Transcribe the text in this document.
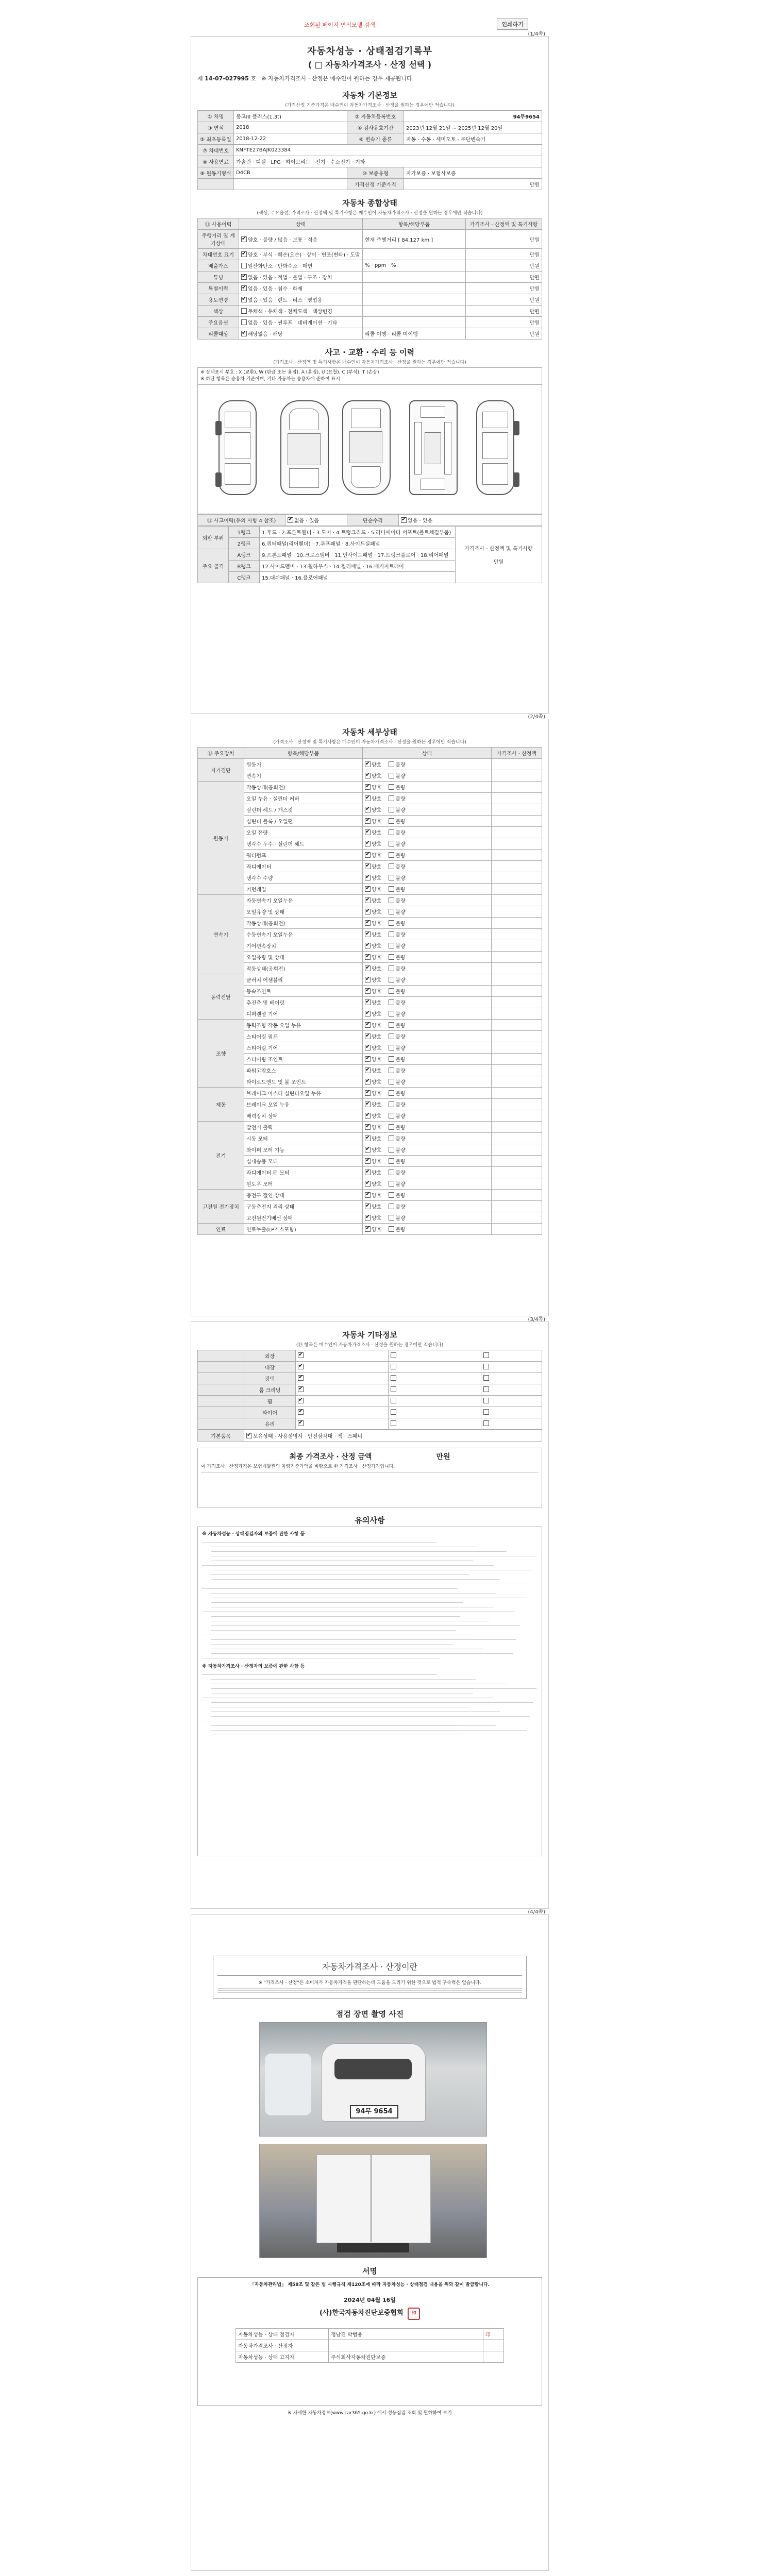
조회된 페이지 연식모델 검색	인쇄하기
(1/4쪽)
자동차성능 · 상태점검기록부
( □ 자동차가격조사 · 산정 선택 )
제 14-07-027995 호 ※ 자동차가격조사 · 산정은 매수인이 원하는 경우 제공됩니다.
자동차 기본정보
(가격산정 기준가격은 매수인이 자동차가격조사 · 산정을 원하는 경우에만 적습니다)
① 차명	봉고III 플러스(1.3t)	② 자동차등록번호	94무9654
③ 연식	2018	④ 검사유효기간	2023년 12월 21일 ~ 2025년 12월 20일
⑤ 최초등록일	2018-12-22	⑥ 변속기 종류	자동 · 수동 · 세미오토 · 무단변속기
⑦ 차대번호	KNFTE27BAJK023384		
⑧ 사용연료	가솔린 · 디젤 · LPG · 하이브리드 · 전기 · 수소전기 · 기타		
⑨ 원동기형식	D4CB	⑩ 보증유형	자가보증 · 보험사보증
		가격산정 기준가격	만원
자동차 종합상태
(색상, 주요옵션, 가격조사 · 산정액 및 특기사항은 매수인이 자동차가격조사 · 산정을 원하는 경우에만 적습니다)
⑪ 사용이력	상태	항목/해당부품	가격조사 · 산정액 및 특기사항
주행거리 및 계기상태	✔양호 · 불량 / 많음 · 보통 · 적음	현재 주행거리 [ 84,127 km ]	만원
차대번호 표기	✔양호 · 부식 · 훼손(오손) · 상이 · 변조(변타) · 도말		만원
배출가스	일산화탄소 · 탄화수소 · 매연	% · ppm · %	만원
튜닝	✔없음 · 있음 · 적법 · 불법 · 구조 · 장치		만원
특별이력	✔없음 · 있음 · 침수 · 화재		만원
용도변경	✔없음 · 있음 · 렌트 · 리스 · 영업용		만원
색상	무채색 · 유채색 · 전체도색 · 색상변경		만원
주요옵션	없음 · 있음 · 썬루프 · 네비게이션 · 기타		만원
리콜대상	✔해당없음 · 해당	리콜 이행 · 리콜 미이행	만원
사고 · 교환 · 수리 등 이력
(가격조사 · 산정액 및 특기사항은 매수인이 자동차가격조사 · 산정을 원하는 경우에만 적습니다)
※ 상태표시 부호 : X (교환), W (판금 또는 용접), A (흠집), U (요철), C (부식), T (손상)
※ 하단 항목은 승용차 기준이며, 기타 자동차는 승용차에 준하여 표시
⑫ 사고이력(유의 사항 4 참조)	✔없음 · 있음	단순수리	✔없음 · 있음
외판 부위	1랭크	1.후드 · 2.프론트휀더 · 3.도어 · 4.트렁크리드 · 5.라디에이터 서포트(볼트체결부품)	가격조사 · 산정액 및 특기사항

만원
	2랭크	6.쿼터패널(리어휀더) · 7.루프패널 · 8.사이드실패널	
주요 골격	A랭크	9.프론트패널 · 10.크로스멤버 · 11.인사이드패널 · 17.트렁크플로어 · 18.리어패널	
	B랭크	12.사이드멤버 · 13.휠하우스 · 14.필러패널 · 16.패키지트레이	
	C랭크	15.대쉬패널 · 16.플로어패널	
(2/4쪽)
자동차 세부상태
(가격조사 · 산정액 및 특기사항은 매수인이 자동차가격조사 · 산정을 원하는 경우에만 적습니다)
⑬ 주요장치	항목/해당부품	상태	가격조사 · 산정액
자기진단	원동기	✔양호 불량	
	변속기	✔양호 불량	
원동기	작동상태(공회전)	✔양호 불량	
	오일 누유 · 실린더 커버	✔양호 불량	
	실린더 헤드 / 개스킷	✔양호 불량	
	실린더 블록 / 오일팬	✔양호 불량	
	오일 유량	✔양호 불량	
	냉각수 누수 · 실린더 헤드	✔양호 불량	
	워터펌프	✔양호 불량	
	라디에이터	✔양호 불량	
	냉각수 수량	✔양호 불량	
	커먼레일	✔양호 불량	
변속기	자동변속기 오일누유	✔양호 불량	
	오일유량 및 상태	✔양호 불량	
	작동상태(공회전)	✔양호 불량	
	수동변속기 오일누유	✔양호 불량	
	기어변속장치	✔양호 불량	
	오일유량 및 상태	✔양호 불량	
	작동상태(공회전)	✔양호 불량	
동력전달	클러치 어셈블리	✔양호 불량	
	등속조인트	✔양호 불량	
	추진축 및 베어링	✔양호 불량	
	디퍼렌셜 기어	✔양호 불량	
조향	동력조향 작동 오일 누유	✔양호 불량	
	스티어링 펌프	✔양호 불량	
	스티어링 기어	✔양호 불량	
	스티어링 조인트	✔양호 불량	
	파워고압호스	✔양호 불량	
	타이로드엔드 및 볼 조인트	✔양호 불량	
제동	브레이크 마스터 실린더오일 누유	✔양호 불량	
	브레이크 오일 누유	✔양호 불량	
	배력장치 상태	✔양호 불량	
전기	발전기 출력	✔양호 불량	
	시동 모터	✔양호 불량	
	와이퍼 모터 기능	✔양호 불량	
	실내송풍 모터	✔양호 불량	
	라디에이터 팬 모터	✔양호 불량	
	윈도우 모터	✔양호 불량	
고전원 전기장치	충전구 절연 상태	✔양호 불량	
	구동축전지 격리 상태	✔양호 불량	
	고전원전기배선 상태	✔양호 불량	
연료	연료누출(LP가스포함)	✔양호 불량	
(3/4쪽)
자동차 기타정보
(⑭ 항목은 매수인이 자동차가격조사 · 산정을 원하는 경우에만 적습니다)
	외장	✔		
	내장	✔		
	광택	✔		
	룸 크리닝	✔		
	휠	✔		
	타이어	✔		
	유리	✔		
기본품목	✔보유상태 · 사용설명서 · 안전삼각대 · 잭 · 스패너
최종 가격조사 · 산정 금액	만원
이 가격조사 · 산정가격은 보험개발원의 차량기준가액을 바탕으로 한 가격조사 · 산정가격입니다.
유의사항
※ 자동차성능 · 상태점검자의 보증에 관한 사항 등
※ 자동차가격조사 · 산정자의 보증에 관한 사항 등
(4/4쪽)
자동차가격조사 · 산정이란
※ "가격조사 · 산정"은 소비자가 자동차가격을 판단하는데 도움을 드리기 위한 것으로 법적 구속력은 없습니다.
점검 장면 촬영 사진
94무 9654
서명
「자동차관리법」 제58조 및 같은 법 시행규칙 제120조에 따라 자동차성능 · 상태점검 내용을 위와 같이 발급합니다.
2024년 04월 16일
(사)한국자동차진단보증협회 印
자동차성능 · 상태 점검자	정남진 박범용	印
자동차가격조사 · 산정자		
자동차성능 · 상태 고지자	주식회사자동차진단보증	
※ 자세한 자동차정보(www.car365.go.kr) 에서 성능점검 조회 및 원하하여 보기
